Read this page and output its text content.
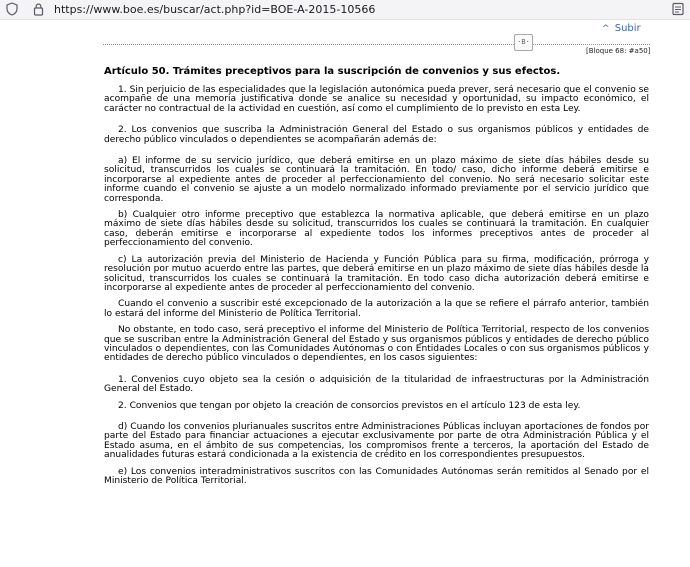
https://www.boe.es/buscar/act.php?id=BOE-A-2015-10566
^ Subir
·B·
[Bloque 68: #a50]
Artículo 50. Trámites preceptivos para la suscripción de convenios y sus efectos.

1. Sin perjuicio de las especialidades que la legislación autonómica pueda prever, será necesario que el convenio se acompañe de una memoria justificativa donde se analice su necesidad y oportunidad, su impacto económico, el carácter no contractual de la actividad en cuestión, así como el cumplimiento de lo previsto en esta Ley.

2. Los convenios que suscriba la Administración General del Estado o sus organismos públicos y entidades de derecho público vinculados o dependientes se acompañarán además de:

a) El informe de su servicio jurídico, que deberá emitirse en un plazo máximo de siete días hábiles desde su solicitud, transcurridos los cuales se continuará la tramitación. En todo/ caso, dicho informe deberá emitirse e incorporarse al expediente antes de proceder al perfeccionamiento del convenio. No será necesario solicitar este informe cuando el convenio se ajuste a un modelo normalizado informado previamente por el servicio jurídico que corresponda.

b) Cualquier otro informe preceptivo que establezca la normativa aplicable, que deberá emitirse en un plazo máximo de siete días hábiles desde su solicitud, transcurridos los cuales se continuará la tramitación. En cualquier caso, deberán emitirse e incorporarse al expediente todos los informes preceptivos antes de proceder al perfeccionamiento del convenio.

c) La autorización previa del Ministerio de Hacienda y Función Pública para su firma, modificación, prórroga y resolución por mutuo acuerdo entre las partes, que deberá emitirse en un plazo máximo de siete días hábiles desde la solicitud, transcurridos los cuales se continuará la tramitación. En todo caso dicha autorización deberá emitirse e incorporarse al expediente antes de proceder al perfeccionamiento del convenio.

Cuando el convenio a suscribir esté excepcionado de la autorización a la que se refiere el párrafo anterior, también lo estará del informe del Ministerio de Política Territorial.

No obstante, en todo caso, será preceptivo el informe del Ministerio de Política Territorial, respecto de los convenios que se suscriban entre la Administración General del Estado y sus organismos públicos y entidades de derecho público vinculados o dependientes, con las Comunidades Autónomas o con Entidades Locales o con sus organismos públicos y entidades de derecho público vinculados o dependientes, en los casos siguientes:

1. Convenios cuyo objeto sea la cesión o adquisición de la titularidad de infraestructuras por la Administración General del Estado.

2. Convenios que tengan por objeto la creación de consorcios previstos en el artículo 123 de esta ley.

d) Cuando los convenios plurianuales suscritos entre Administraciones Públicas incluyan aportaciones de fondos por parte del Estado para financiar actuaciones a ejecutar exclusivamente por parte de otra Administración Pública y el Estado asuma, en el ámbito de sus competencias, los compromisos frente a terceros, la aportación del Estado de anualidades futuras estará condicionada a la existencia de crédito en los correspondientes presupuestos.

e) Los convenios interadministrativos suscritos con las Comunidades Autónomas serán remitidos al Senado por el Ministerio de Política Territorial.
